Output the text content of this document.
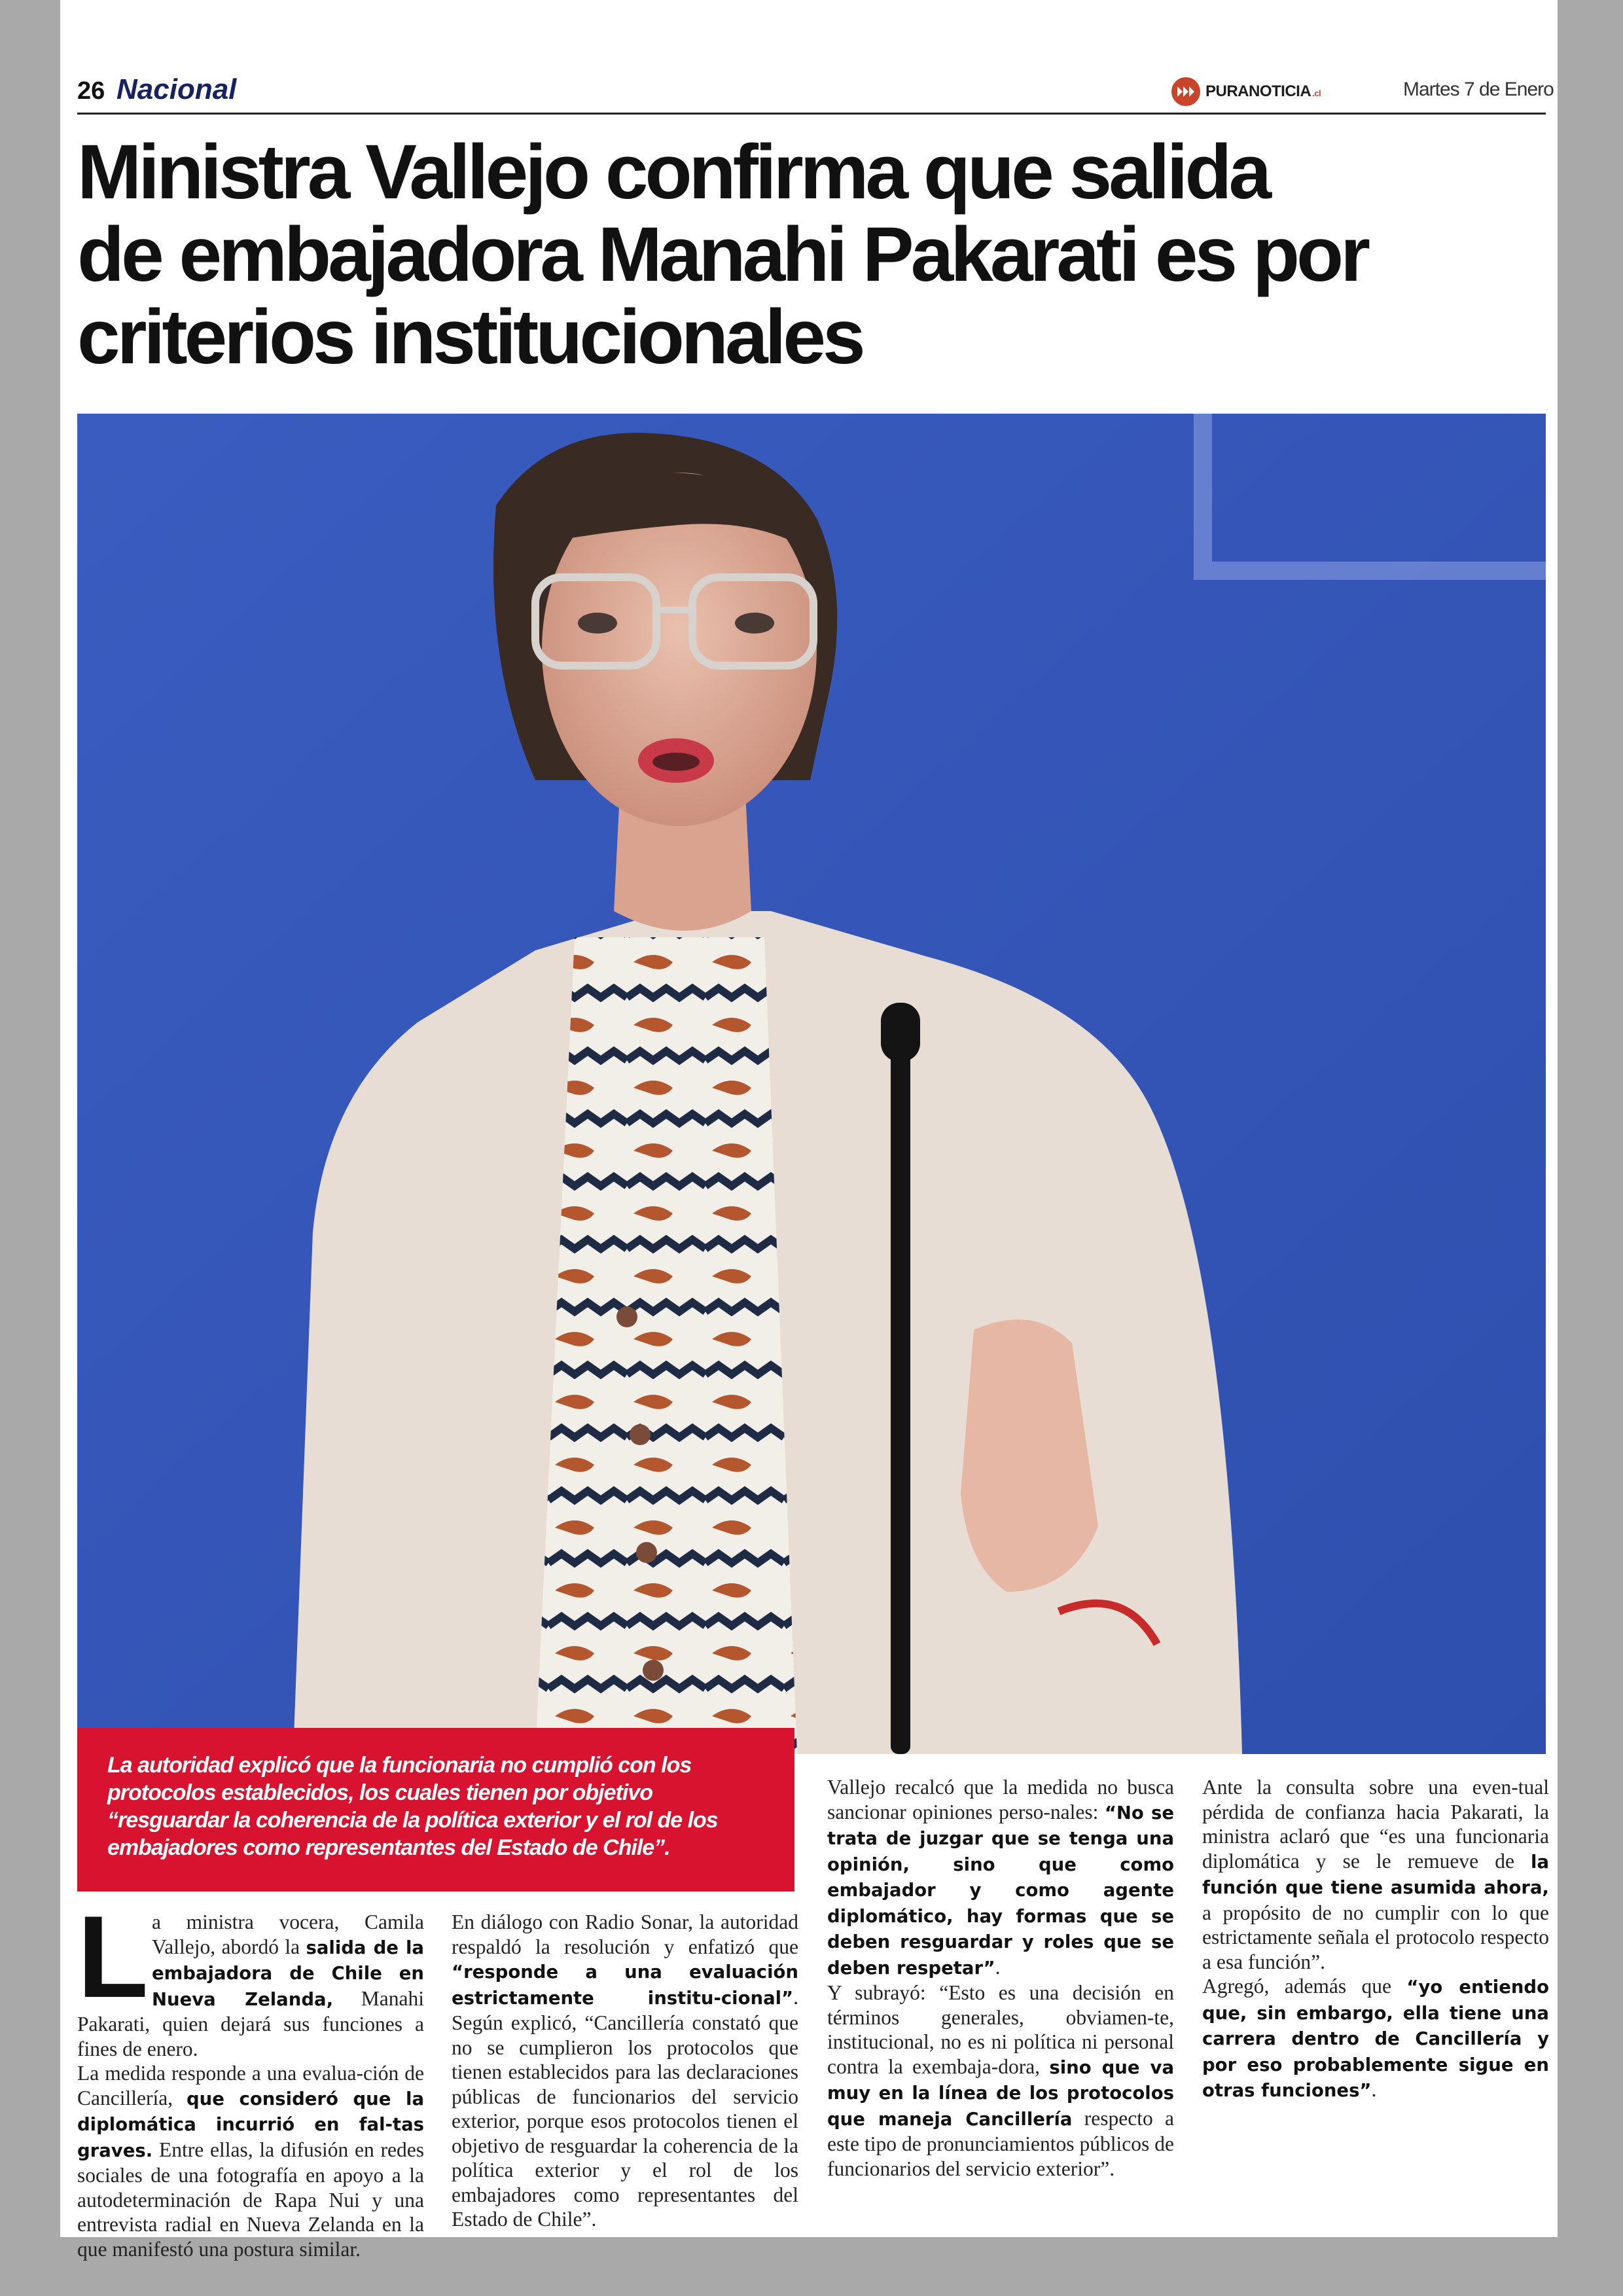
26 Nacional	PURANOTICIA .cl	Martes 7 de Enero
Ministra Vallejo confirma que salida
de embajadora Manahi Pakarati es por
criterios institucionales
La autoridad explicó que la funcionaria no cumplió con los protocolos establecidos, los cuales tienen por objetivo “resguardar la coherencia de la política exterior y el rol de los embajadores como representantes del Estado de Chile”.
L a ministra vocera, Camila Vallejo, abordó la salida de la embajadora de Chile en Nueva Zelanda, Manahi Pakarati, quien dejará sus funciones a fines de enero.

La medida responde a una evalua-ción de Cancillería, que consideró que la diplomática incurrió en fal-tas graves. Entre ellas, la difusión en redes sociales de una fotografía en apoyo a la autodeterminación de Rapa Nui y una entrevista radial en Nueva Zelanda en la que manifestó una postura similar.

En diálogo con Radio Sonar, la autoridad respaldó la resolución y enfatizó que “responde a una evaluación estrictamente institu-cional”. Según explicó, “Cancillería constató que no se cumplieron los protocolos que tienen establecidos para las declaraciones públicas de funcionarios del servicio exterior, porque esos protocolos tienen el objetivo de resguardar la coherencia de la política exterior y el rol de los embajadores como representantes del Estado de Chile”.

Vallejo recalcó que la medida no busca sancionar opiniones perso-nales: “No se trata de juzgar que se tenga una opinión, sino que como embajador y como agente diplomático, hay formas que se deben resguardar y roles que se deben respetar”.

Y subrayó: “Esto es una decisión en términos generales, obviamen-te, institucional, no es ni política ni personal contra la exembaja-dora, sino que va muy en la línea de los protocolos que maneja Cancillería respecto a este tipo de pronunciamientos públicos de funcionarios del servicio exterior”.

Ante la consulta sobre una even-tual pérdida de confianza hacia Pakarati, la ministra aclaró que “es una funcionaria diplomática y se le remueve de la función que tiene asumida ahora, a propósito de no cumplir con lo que estrictamente señala el protocolo respecto a esa función”.

Agregó, además que “yo entiendo que, sin embargo, ella tiene una carrera dentro de Cancillería y por eso probablemente sigue en otras funciones”.
